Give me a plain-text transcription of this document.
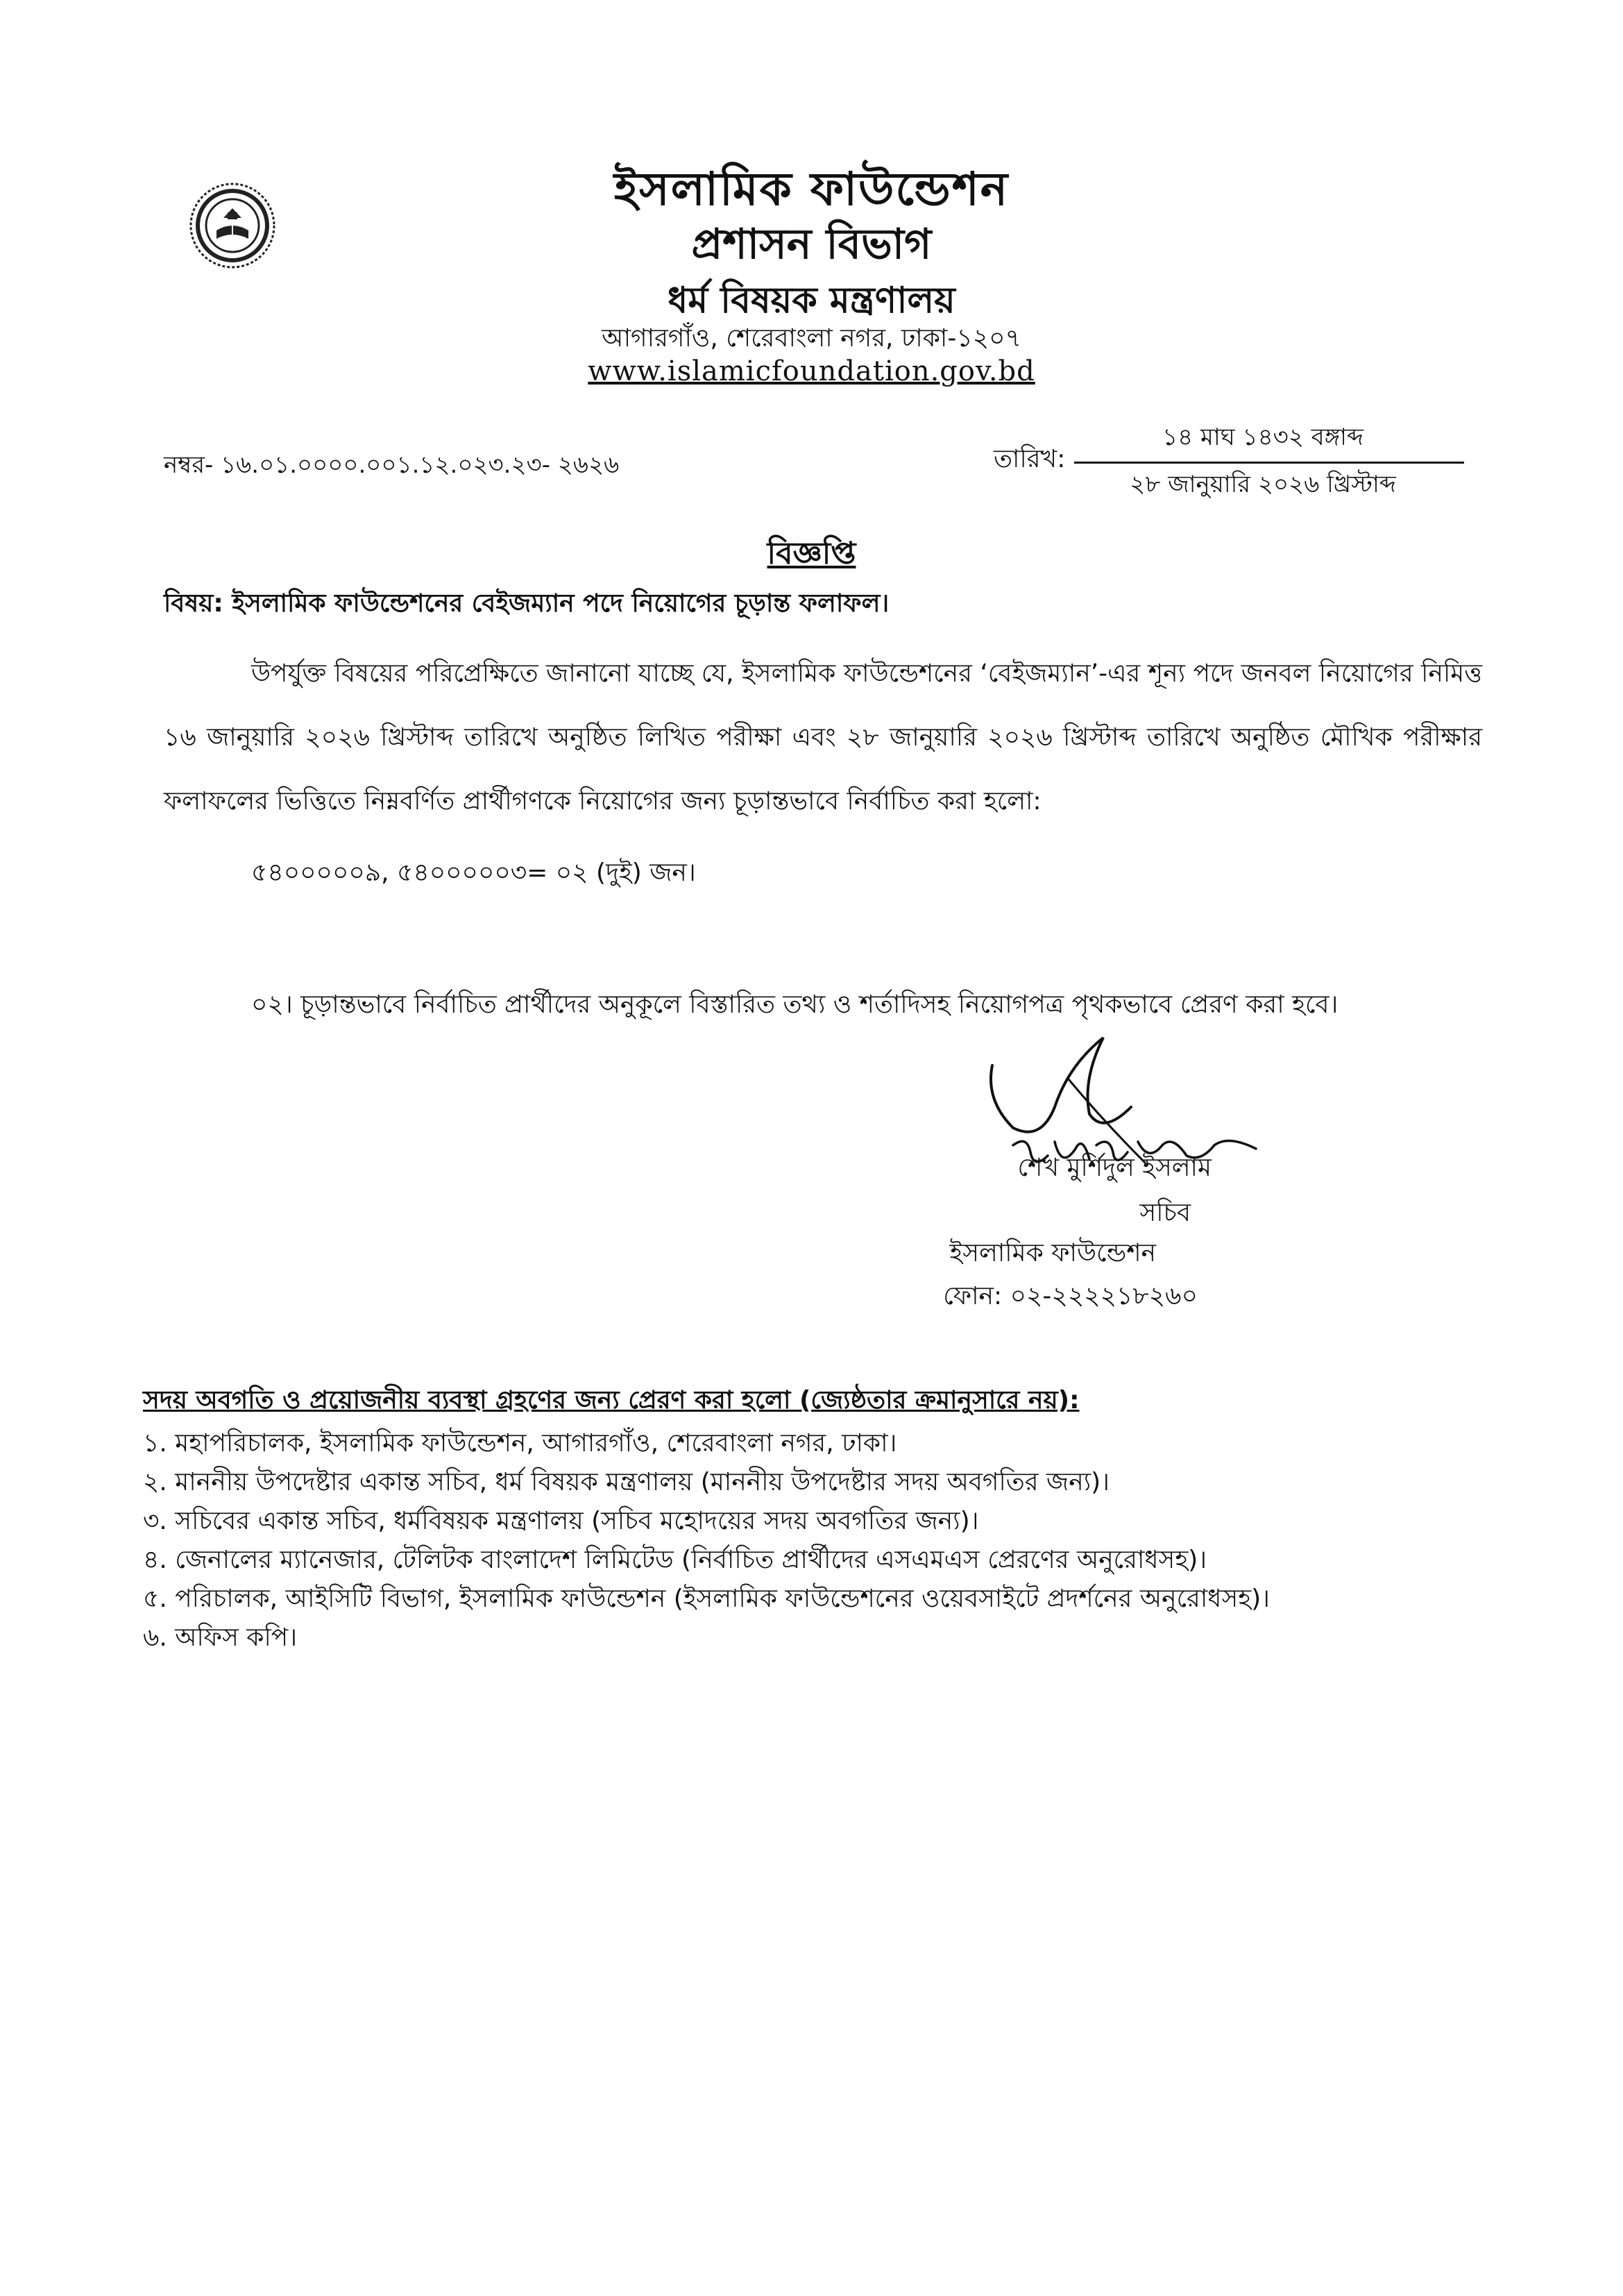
ইসলামিক ফাউন্ডেশন
প্রশাসন বিভাগ
ধর্ম বিষয়ক মন্ত্রণালয়
আগারগাঁও, শেরেবাংলা নগর, ঢাকা-১২০৭
www.islamicfoundation.gov.bd
নম্বর- ১৬.০১.০০০০.০০১.১২.০২৩.২৩- ২৬২৬	তারিখ:
১৪ মাঘ ১৪৩২ বঙ্গাব্দ
২৮ জানুয়ারি ২০২৬ খ্রিস্টাব্দ
বিজ্ঞপ্তি
বিষয়: ইসলামিক ফাউন্ডেশনের বেইজম্যান পদে নিয়োগের চূড়ান্ত ফলাফল।
উপর্যুক্ত বিষয়ের পরিপ্রেক্ষিতে জানানো যাচ্ছে যে, ইসলামিক ফাউন্ডেশনের ‘বেইজম্যান’-এর শূন্য পদে জনবল নিয়োগের নিমিত্ত ১৬ জানুয়ারি ২০২৬ খ্রিস্টাব্দ তারিখে অনুষ্ঠিত লিখিত পরীক্ষা এবং ২৮ জানুয়ারি ২০২৬ খ্রিস্টাব্দ তারিখে অনুষ্ঠিত মৌখিক পরীক্ষার ফলাফলের ভিত্তিতে নিম্নবর্ণিত প্রার্থীগণকে নিয়োগের জন্য চূড়ান্তভাবে নির্বাচিত করা হলো:
৫৪০০০০০৯, ৫৪০০০০০৩= ০২ (দুই) জন।
০২। চূড়ান্তভাবে নির্বাচিত প্রার্থীদের অনুকূলে বিস্তারিত তথ্য ও শর্তাদিসহ নিয়োগপত্র পৃথকভাবে প্রেরণ করা হবে।
শেখ মুর্শিদুল ইসলাম
সচিব
ইসলামিক ফাউন্ডেশন
ফোন: ০২-২২২২১৮২৬০
সদয় অবগতি ও প্রয়োজনীয় ব্যবস্থা গ্রহণের জন্য প্রেরণ করা হলো (জ্যেষ্ঠতার ক্রমানুসারে নয়):
১. মহাপরিচালক, ইসলামিক ফাউন্ডেশন, আগারগাঁও, শেরেবাংলা নগর, ঢাকা।
২. মাননীয় উপদেষ্টার একান্ত সচিব, ধর্ম বিষয়ক মন্ত্রণালয় (মাননীয় উপদেষ্টার সদয় অবগতির জন্য)।
৩. সচিবের একান্ত সচিব, ধর্মবিষয়ক মন্ত্রণালয় (সচিব মহোদয়ের সদয় অবগতির জন্য)।
৪. জেনালের ম্যানেজার, টেলিটক বাংলাদেশ লিমিটেড (নির্বাচিত প্রার্থীদের এসএমএস প্রেরণের অনুরোধসহ)।
৫. পরিচালক, আইসিটি বিভাগ, ইসলামিক ফাউন্ডেশন (ইসলামিক ফাউন্ডেশনের ওয়েবসাইটে প্রদর্শনের অনুরোধসহ)।
৬. অফিস কপি।
